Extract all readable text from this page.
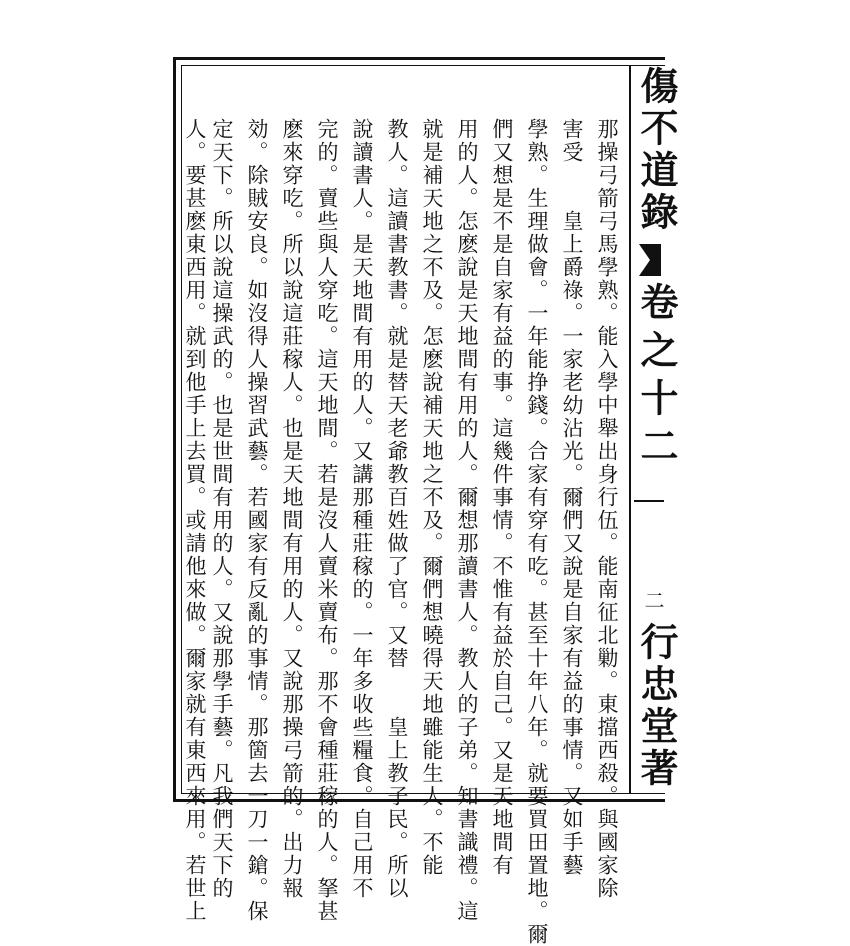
那操弓箭弓馬學熟。能入學中舉出身行伍。能南征北勦。東擋西殺。與國家除
害受　　皇上爵祿。一家老幼沾光。爾們又說是自家有益的事情。又如手藝
學熟。生理做會。一年能挣錢。合家有穿有吃。甚至十年八年。就要買田置地。爾
們又想是不是自家有益的事。這幾件事情。不惟有益於自己。又是天地間有
用的人。怎麽說是天地間有用的人。爾想那讀書人。教人的子弟。知書識禮。這
就是補天地之不及。怎麽說補天地之不及。爾們想曉得天地雖能生人。不能
教人。這讀書教書。就是替天老爺教百姓做了官。又替　　皇上教子民。所以
說讀書人。是天地間有用的人。又講那種莊稼的。一年多收些糧食。自己用不
完的。賣些與人穿吃。這天地間。若是沒人賣米賣布。那不會種莊稼的人。拏甚
麽來穿吃。所以說這莊稼人。也是天地間有用的人。又說那操弓箭的。出力報
効。除賊安良。如沒得人操習武藝。若國家有反亂的事情。那箇去一刀一鎗。保
定天下。所以說這操武的。也是世間有用的人。又說那學手藝。凡我們天下的
人。要甚麽東西用。就到他手上去買。或請他來做。爾家就有東西來用。若世上	傷不道錄
卷之十二
二
行忠堂著
